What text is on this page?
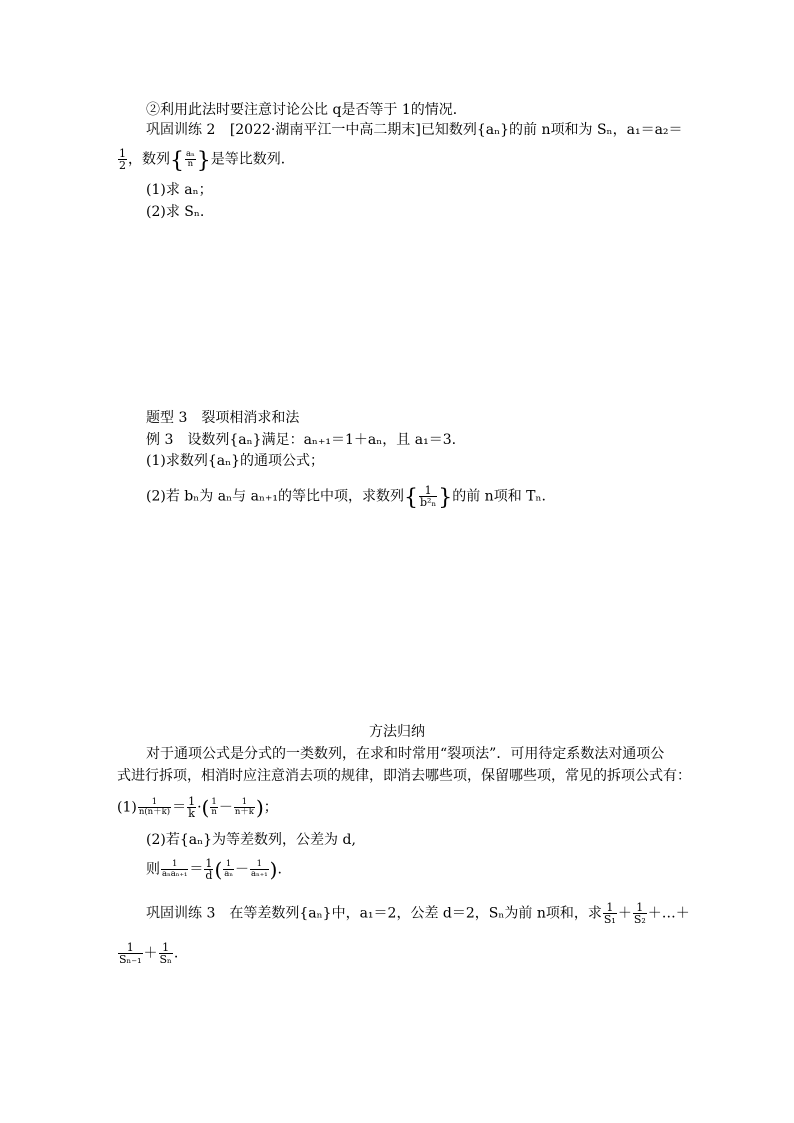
②利用此法时要注意讨论公比 q是否等于 1的情况．
巩固训练 2 [2022·湖南平江一中高二期末]已知数列{aₙ}的前 n项和为 Sₙ，a₁＝a₂＝
$\frac{1}{2}$ ，数列{ $\frac{\text{aₙ}}{n}$ }是等比数列．
(1)求 aₙ；
(2)求 Sₙ.
题型 3　裂项相消求和法
例 3　设数列{aₙ}满足：aₙ₊₁＝1＋aₙ，且 a₁＝3.
(1)求数列{aₙ}的通项公式；
(2)若 bₙ为 aₙ与 aₙ₊₁的等比中项，求数列{ $\frac{1}{\text{b²ₙ}}$ }的前 n项和 Tₙ.
方法归纳
对于通项公式是分式的一类数列，在求和时常用“裂项法”．可用待定系数法对通项公
式进行拆项，相消时应注意消去项的规律，即消去哪些项，保留哪些项，常见的拆项公式有：
$(1) \frac{1}{n(n+k)} = \frac{1}{k}$ ·( $\frac{1}{n} - \frac{1}{n+k}$ )；
(2)若{aₙ}为等差数列，公差为 d,
则	1
$a_na_{n+1} = \frac{1}{d}$ ( $\frac{1}{\text{aₙ}} - \frac{1}{\text{aₙ₊₁}}$ ).
巩固训练 3　在等差数列{aₙ}中，a₁＝2，公差 d＝2，Sₙ为前 n项和，求 $\frac{1}{\text{S₁}} + \frac{1}{\text{S₂}}$ ＋…＋
$\frac{1}{\text{Sₙ₋₁}} + \frac{1}{\text{Sₙ}}$ .
